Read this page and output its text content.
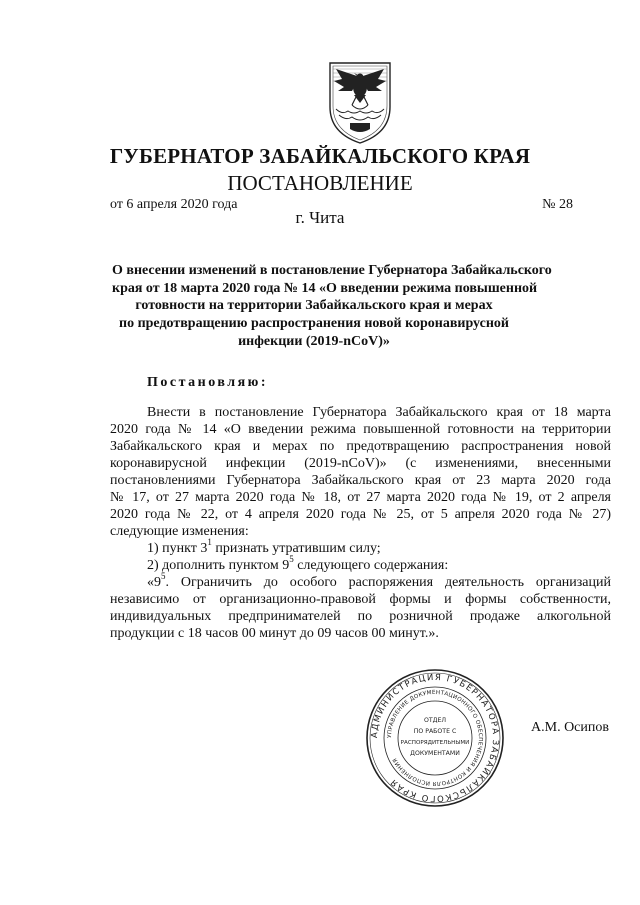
ГУБЕРНАТОР ЗАБАЙКАЛЬСКОГО КРАЯ
ПОСТАНОВЛЕНИЕ
от 6 апреля 2020 года	№ 28
г. Чита
О внесении изменений в постановление Губернатора Забайкальского
края от 18 марта 2020 года № 14 «О введении режима повышенной
готовности на территории Забайкальского края и мерах
по предотвращению распространения новой коронавирусной
инфекции (2019-nCoV)»
Постановляю:
Внести в постановление Губернатора Забайкальского края от 18 марта
2020 года № 14 «О введении режима повышенной готовности на территории
Забайкальского края и мерах по предотвращению распространения новой
коронавирусной инфекции (2019-nCoV)» (с изменениями, внесенными
постановлениями Губернатора Забайкальского края от 23 марта 2020 года
№ 17, от 27 марта 2020 года № 18, от 27 марта 2020 года № 19, от 2 апреля
2020 года № 22, от 4 апреля 2020 года № 25, от 5 апреля 2020 года № 27)
следующие изменения:
1) пункт $3^1$ признать утратившим силу;
2) дополнить пунктом $9^5$ следующего содержания:
«$9^5$. Ограничить до особого распоряжения деятельность организаций
независимо от организационно-правовой формы и формы собственности,
индивидуальных предпринимателей по розничной продаже алкогольной
продукции с 18 часов 00 минут до 09 часов 00 минут.».
АДМИНИСТРАЦИЯ ГУБЕРНАТОРА ЗАБАЙКАЛЬСКОГО КРАЯ
УПРАВЛЕНИЕ ДОКУМЕНТАЦИОННОГО ОБЕСПЕЧЕНИЯ И КОНТРОЛЯ ИСПОЛНЕНИЯ
ОТДЕЛ
ПО РАБОТЕ С
РАСПОРЯДИТЕЛЬНЫМИ
ДОКУМЕНТАМИ
А.М. Осипов
